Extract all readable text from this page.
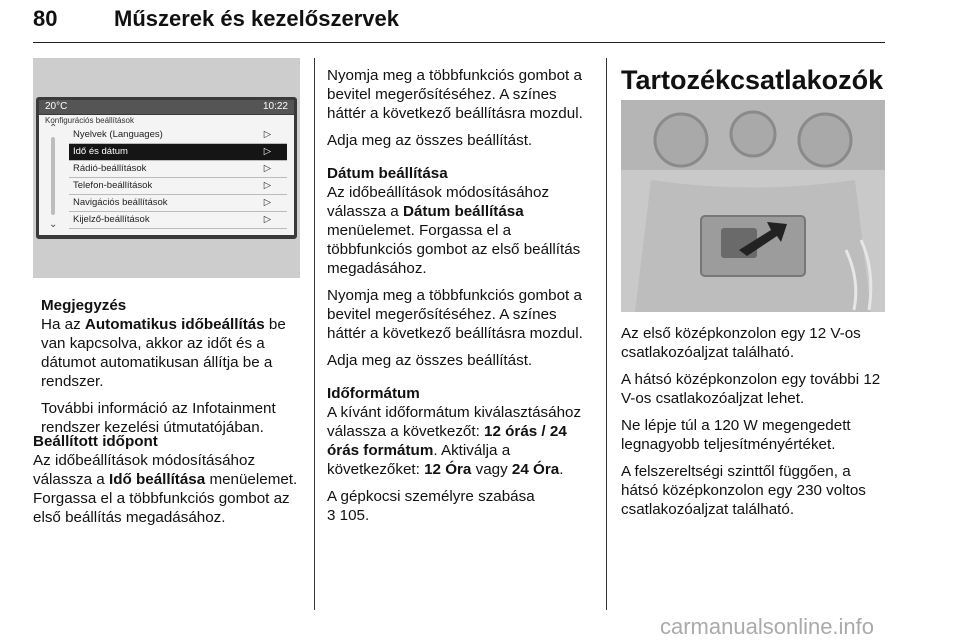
80	Műszerek és kezelőszervek
20°C	10:22
Konfigurációs beállítások
⌃
⌄
Nyelvek (Languages)	▷
Idő és dátum	▷
Rádió-beállítások	▷
Telefon-beállítások	▷
Navigációs beállítások	▷
Kijelző-beállítások	▷

Megjegyzés

Ha az Automatikus időbeállítás be van kapcsolva, akkor az időt és a dátumot automatikusan állítja be a rendszer.

További információ az Infotainment rendszer kezelési útmutatójában.

Beállított időpont

Az időbeállítások módosításához válassza a Idő beállítása menüelemet. Forgassa el a többfunkciós gombot az első beállítás megadásához.

Nyomja meg a többfunkciós gombot a bevitel megerősítéséhez. A színes háttér a következő beállításra mozdul.

Adja meg az összes beállítást.

Dátum beállítása

Az időbeállítások módosításához válassza a Dátum beállítása menüelemet. Forgassa el a többfunkciós gombot az első beállítás megadásához.

Nyomja meg a többfunkciós gombot a bevitel megerősítéséhez. A színes háttér a következő beállításra mozdul.

Adja meg az összes beállítást.

Időformátum

A kívánt időformátum kiválasztásához válassza a következőt: 12 órás / 24 órás formátum. Aktiválja a következőket: 12 Óra vagy 24 Óra.

A gépkocsi személyre szabása

3 105.

Tartozékcsatlakozók

Az első középkonzolon egy 12 V-os csatlakozóaljzat található.

A hátsó középkonzolon egy további 12 V-os csatlakozóaljzat lehet.

Ne lépje túl a 120 W megengedett legnagyobb teljesítményértéket.

A felszereltségi szinttől függően, a hátsó középkonzolon egy 230 voltos csatlakozóaljzat található.

carmanualsonline.info
